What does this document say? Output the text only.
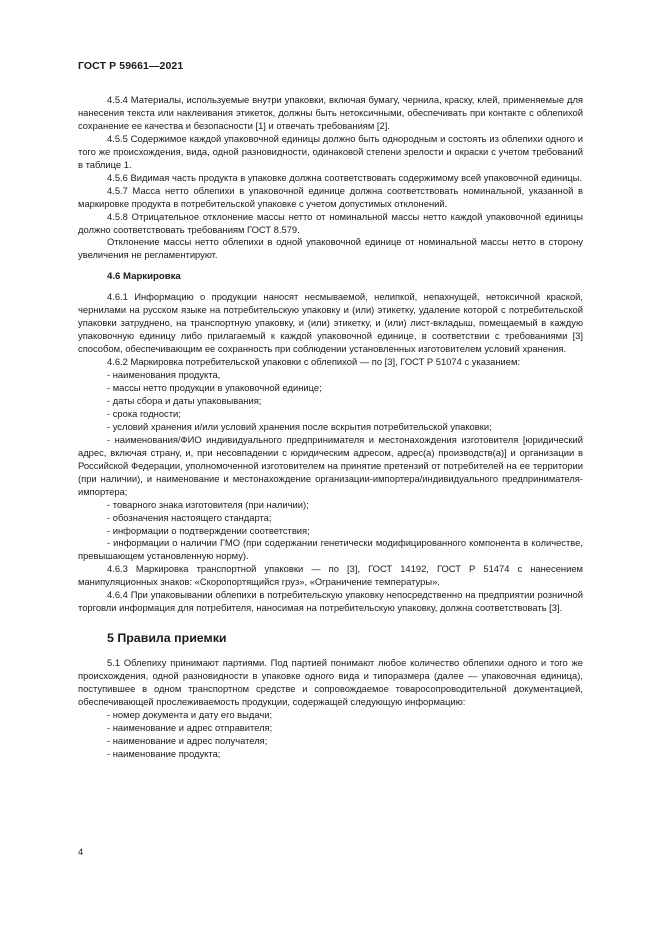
ГОСТ Р 59661—2021

4.5.4 Материалы, используемые внутри упаковки, включая бумагу, чернила, краску, клей, применяемые для нанесения текста или наклеивания этикеток, должны быть нетоксичными, обеспечивать при контакте с облепихой сохранение ее качества и безопасности [1] и отвечать требованиям [2].

4.5.5 Содержимое каждой упаковочной единицы должно быть однородным и состоять из облепихи одного и того же происхождения, вида, одной разновидности, одинаковой степени зрелости и окраски с учетом требований в таблице 1.

4.5.6 Видимая часть продукта в упаковке должна соответствовать содержимому всей упаковочной единицы.

4.5.7 Масса нетто облепихи в упаковочной единице должна соответствовать номинальной, указанной в маркировке продукта в потребительской упаковке с учетом допустимых отклонений.

4.5.8 Отрицательное отклонение массы нетто от номинальной массы нетто каждой упаковочной единицы должно соответствовать требованиям ГОСТ 8.579.

Отклонение массы нетто облепихи в одной упаковочной единице от номинальной массы нетто в сторону увеличения не регламентируют.

4.6 Маркировка

4.6.1 Информацию о продукции наносят несмываемой, нелипкой, непахнущей, нетоксичной краской, чернилами на русском языке на потребительскую упаковку и (или) этикетку, удаление которой с потребительской упаковки затруднено, на транспортную упаковку, и (или) этикетку, и (или) лист-вкладыш, помещаемый в каждую упаковочную единицу либо прилагаемый к каждой упаковочной единице, в соответствии с требованиями [3] способом, обеспечивающим ее сохранность при соблюдении установленных изготовителем условий хранения.

4.6.2 Маркировка потребительской упаковки с облепихой — по [3], ГОСТ Р 51074 с указанием:

- наименования продукта,

- массы нетто продукции в упаковочной единице;

- даты сбора и даты упаковывания;

- срока годности;

- условий хранения и/или условий хранения после вскрытия потребительской упаковки;

- наименования/ФИО индивидуального предпринимателя и местонахождения изготовителя [юридический адрес, включая страну, и, при несовпадении с юридическим адресом, адрес(а) производств(а)] и организации в Российской Федерации, уполномоченной изготовителем на принятие претензий от потребителей на ее территории (при наличии), и наименование и местонахождение организации-импортера/индивидуального предпринимателя-импортера;

- товарного знака изготовителя (при наличии);

- обозначения настоящего стандарта;

- информации о подтверждении соответствия;

- информации о наличии ГМО (при содержании генетически модифицированного компонента в количестве, превышающем установленную норму).

4.6.3 Маркировка транспортной упаковки — по [3], ГОСТ 14192, ГОСТ Р 51474 с нанесением манипуляционных знаков: «Скоропортящийся груз», «Ограничение температуры».

4.6.4 При упаковывании облепихи в потребительскую упаковку непосредственно на предприятии розничной торговли информация для потребителя, наносимая на потребительскую упаковку, должна соответствовать [3].

5 Правила приемки

5.1 Облепиху принимают партиями. Под партией понимают любое количество облепихи одного и того же происхождения, одной разновидности в упаковке одного вида и типоразмера (далее — упаковочная единица), поступившее в одном транспортном средстве и сопровождаемое товаросопроводительной документацией, обеспечивающей прослеживаемость продукции, содержащей следующую информацию:

- номер документа и дату его выдачи;

- наименование и адрес отправителя;

- наименование и адрес получателя;

- наименование продукта;

4
